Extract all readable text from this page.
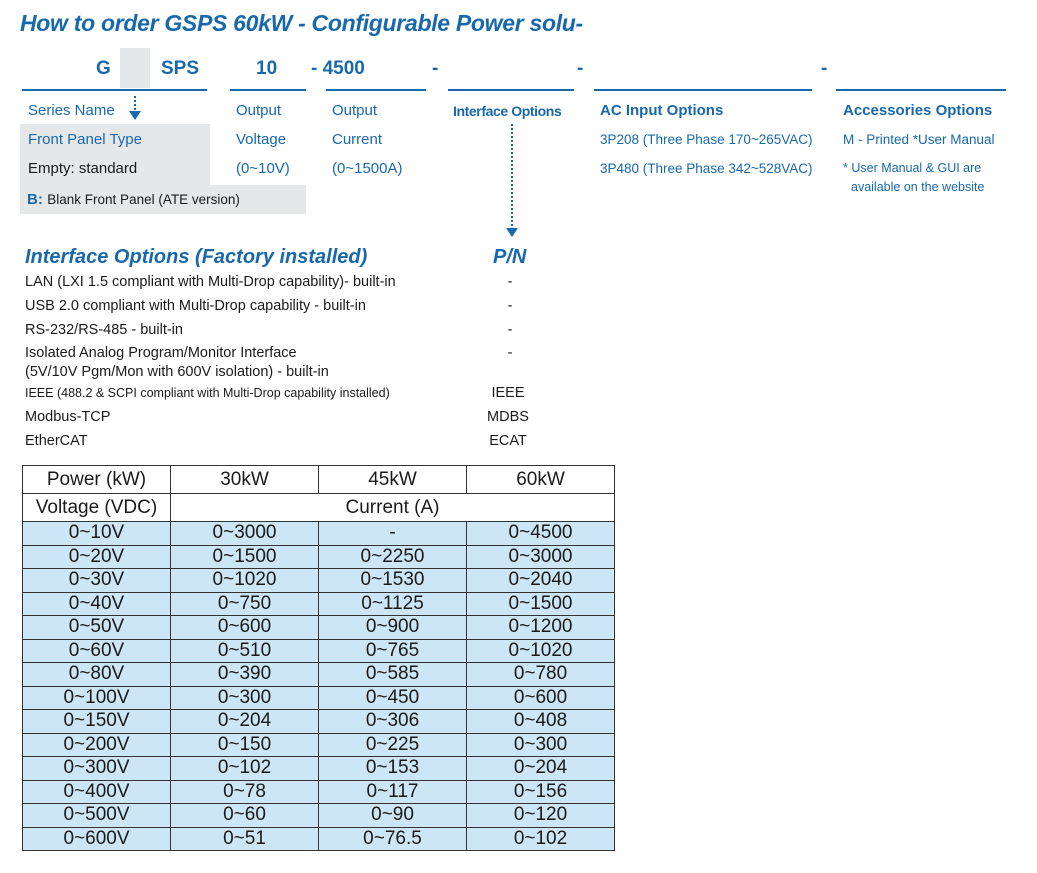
How to order GSPS 60kW - Configurable Power solu-
G	SPS	10 - 4500	-	-	-
Series Name
Front Panel Type
Empty: standard
B: Blank Front Panel (ATE version)
Output
Voltage
(0~10V)
Output
Current
(0~1500A)
Interface Options	AC Input Options
3P208 (Three Phase 170~265VAC)
3P480 (Three Phase 342~528VAC)
Accessories Options
M - Printed *User Manual
* User Manual & GUI are
available on the website
Interface Options (Factory installed)	P/N
LAN (LXI 1.5 compliant with Multi-Drop capability)- built-in	-
USB 2.0 compliant with Multi-Drop capability - built-in	-
RS-232/RS-485 - built-in	-
Isolated Analog Program/Monitor Interface
(5V/10V Pgm/Mon with 600V isolation) - built-in
-
IEEE (488.2 & SCPI compliant with Multi-Drop capability installed)	IEEE
Modbus-TCP	MDBS
EtherCAT	ECAT
Power (kW)	30kW	45kW	60kW
Voltage (VDC)	Current (A)		
0~10V	0~3000	-	0~4500
0~20V	0~1500	0~2250	0~3000
0~30V	0~1020	0~1530	0~2040
0~40V	0~750	0~1125	0~1500
0~50V	0~600	0~900	0~1200
0~60V	0~510	0~765	0~1020
0~80V	0~390	0~585	0~780
0~100V	0~300	0~450	0~600
0~150V	0~204	0~306	0~408
0~200V	0~150	0~225	0~300
0~300V	0~102	0~153	0~204
0~400V	0~78	0~117	0~156
0~500V	0~60	0~90	0~120
0~600V	0~51	0~76.5	0~102
